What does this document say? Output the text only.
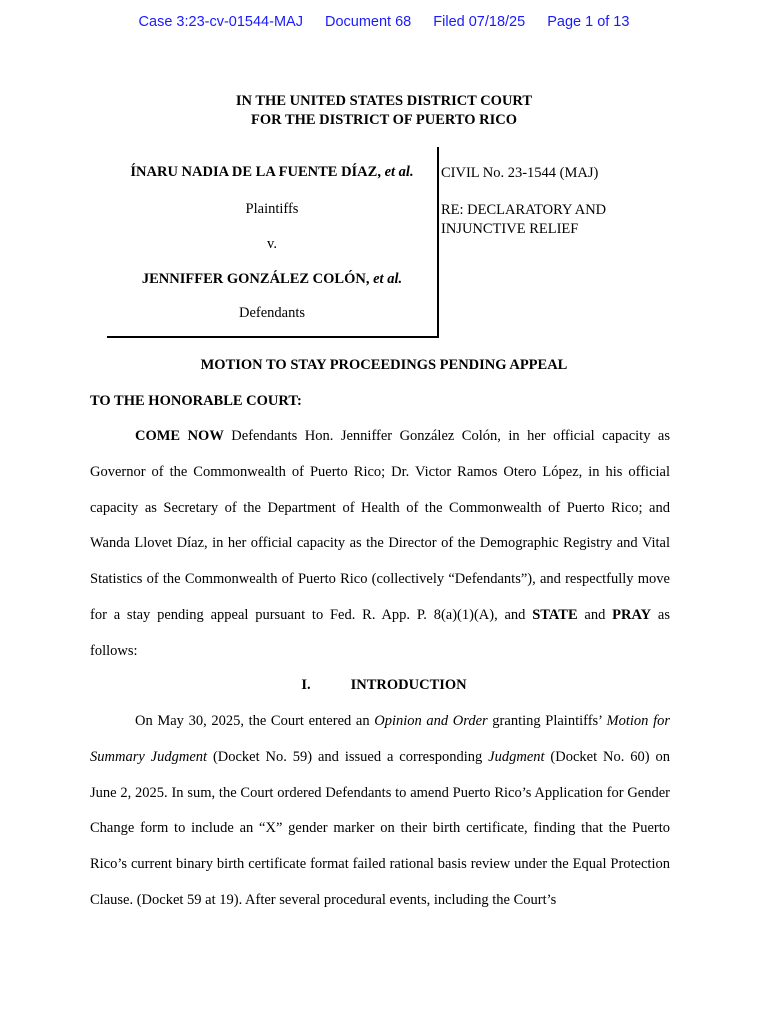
Case 3:23-cv-01544-MAJ Document 68 Filed 07/18/25 Page 1 of 13
IN THE UNITED STATES DISTRICT COURT
FOR THE DISTRICT OF PUERTO RICO
ÍNARU NADIA DE LA FUENTE DÍAZ, et al.
Plaintiffs
v.
JENNIFFER GONZÁLEZ COLÓN, et al.
Defendants
CIVIL No. 23-1544 (MAJ)
RE: DECLARATORY AND
INJUNCTIVE RELIEF
MOTION TO STAY PROCEEDINGS PENDING APPEAL
TO THE HONORABLE COURT:

COME NOW Defendants Hon. Jenniffer González Colón, in her official capacity as Governor of the Commonwealth of Puerto Rico; Dr. Victor Ramos Otero López, in his official capacity as Secretary of the Department of Health of the Commonwealth of Puerto Rico; and Wanda Llovet Díaz, in her official capacity as the Director of the Demographic Registry and Vital Statistics of the Commonwealth of Puerto Rico (collectively “Defendants”), and respectfully move for a stay pending appeal pursuant to Fed. R. App. P. 8(a)(1)(A), and STATE and PRAY as follows:

I.	INTRODUCTION

On May 30, 2025, the Court entered an Opinion and Order granting Plaintiffs’ Motion for Summary Judgment (Docket No. 59) and issued a corresponding Judgment (Docket No. 60) on June 2, 2025. In sum, the Court ordered Defendants to amend Puerto Rico’s Application for Gender Change form to include an “X” gender marker on their birth certificate, finding that the Puerto Rico’s current binary birth certificate format failed rational basis review under the Equal Protection Clause. (Docket 59 at 19). After several procedural events, including the Court’s
